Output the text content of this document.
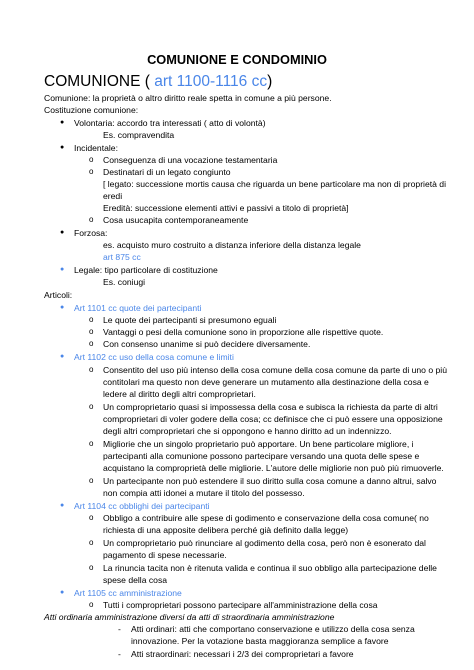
COMUNIONE E CONDOMINIO
COMUNIONE ( art 1100-1116 cc)
Comunione: la proprietà o altro diritto reale spetta in comune a più persone.
Costituzione comunione:
● Volontaria: accordo tra interessati ( atto di volontà)
Es. compravendita
● Incidentale:
o Conseguenza di una vocazione testamentaria
o Destinatari di un legato congiunto
[ legato: successione mortis causa che riguarda un bene particolare ma non di proprietà di
eredi
Eredità: successione elementi attivi e passivi a titolo di proprietà]
o Cosa usucapita contemporaneamente
● Forzosa:
es. acquisto muro costruito a distanza inferiore della distanza legale
art 875 cc
● Legale: tipo particolare di costituzione
Es. coniugi
Articoli:
● Art 1101 cc quote dei partecipanti
o Le quote dei partecipanti si presumono eguali
o Vantaggi o pesi della comunione sono in proporzione alle rispettive quote.
o Con consenso unanime si può decidere diversamente.
● Art 1102 cc uso della cosa comune e limiti
o Consentito del uso più intenso della cosa comune della cosa comune da parte di uno o più
contitolari ma questo non deve generare un mutamento alla destinazione della cosa e
ledere al diritto degli altri comproprietari.
o Un comproprietario quasi si impossessa della cosa e subisca la richiesta da parte di altri
comproprietari di voler godere della cosa; cc definisce che ci può essere una opposizione
degli altri comproprietari che si oppongono e hanno diritto ad un indennizzo.
o Migliorie che un singolo proprietario può apportare. Un bene particolare migliore, i
partecipanti alla comunione possono partecipare versando una quota delle spese e
acquistano la comproprietà delle migliorie. L'autore delle migliorie non può più rimuoverle.
o Un partecipante non può estendere il suo diritto sulla cosa comune a danno altrui, salvo
non compia atti idonei a mutare il titolo del possesso.
● Art 1104 cc obblighi dei partecipanti
o Obbligo a contribuire alle spese di godimento e conservazione della cosa comune( no
richiesta di una apposite delibera perché già definito dalla legge)
o Un comproprietario può rinunciare al godimento della cosa, però non è esonerato dal
pagamento di spese necessarie.
o La rinuncia tacita non è ritenuta valida e continua il suo obbligo alla partecipazione delle
spese della cosa
● Art 1105 cc amministrazione
o Tutti i comproprietari possono partecipare all'amministrazione della cosa
Atti ordinaria amministrazione diversi da atti di straordinaria amministrazione
- Atti ordinari: atti che comportano conservazione e utilizzo della cosa senza
innovazione. Per la votazione basta maggioranza semplice a favore
- Atti straordinari: necessari i 2/3 dei comproprietari a favore
